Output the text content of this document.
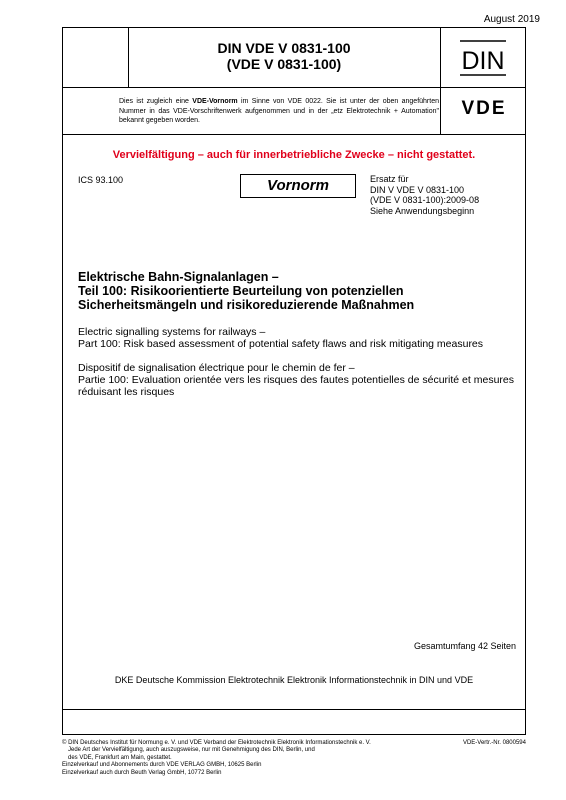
August 2019
DIN VDE V 0831-100
(VDE V 0831-100)	DIN
VDE
Dies ist zugleich eine VDE-Vornorm im Sinne von VDE 0022. Sie ist unter der oben angeführten Nummer in das VDE-Vorschriftenwerk aufgenommen und in der „etz Elektrotechnik + Automation" bekannt gegeben worden.
Vervielfältigung – auch für innerbetriebliche Zwecke – nicht gestattet.
ICS 93.100	Vornorm	Ersatz für
DIN V VDE V 0831-100
(VDE V 0831-100):2009-08
Siehe Anwendungsbeginn
Elektrische Bahn-Signalanlagen –
Teil 100: Risikoorientierte Beurteilung von potenziellen
Sicherheitsmängeln und risikoreduzierende Maßnahmen
Electric signalling systems for railways –
Part 100: Risk based assessment of potential safety flaws and risk mitigating measures
Dispositif de signalisation électrique pour le chemin de fer –
Partie 100: Evaluation orientée vers les risques des fautes potentielles de sécurité et mesures réduisant les risques
Gesamtumfang 42 Seiten
DKE Deutsche Kommission Elektrotechnik Elektronik Informationstechnik in DIN und VDE
© DIN Deutsches Institut für Normung e. V. und VDE Verband der Elektrotechnik Elektronik Informationstechnik e. V.
Jede Art der Vervielfältigung, auch auszugsweise, nur mit Genehmigung des DIN, Berlin, und
des VDE, Frankfurt am Main, gestattet.
Einzelverkauf und Abonnements durch VDE VERLAG GMBH, 10625 Berlin
Einzelverkauf auch durch Beuth Verlag GmbH, 10772 Berlin
VDE-Vertr.-Nr. 0800594
